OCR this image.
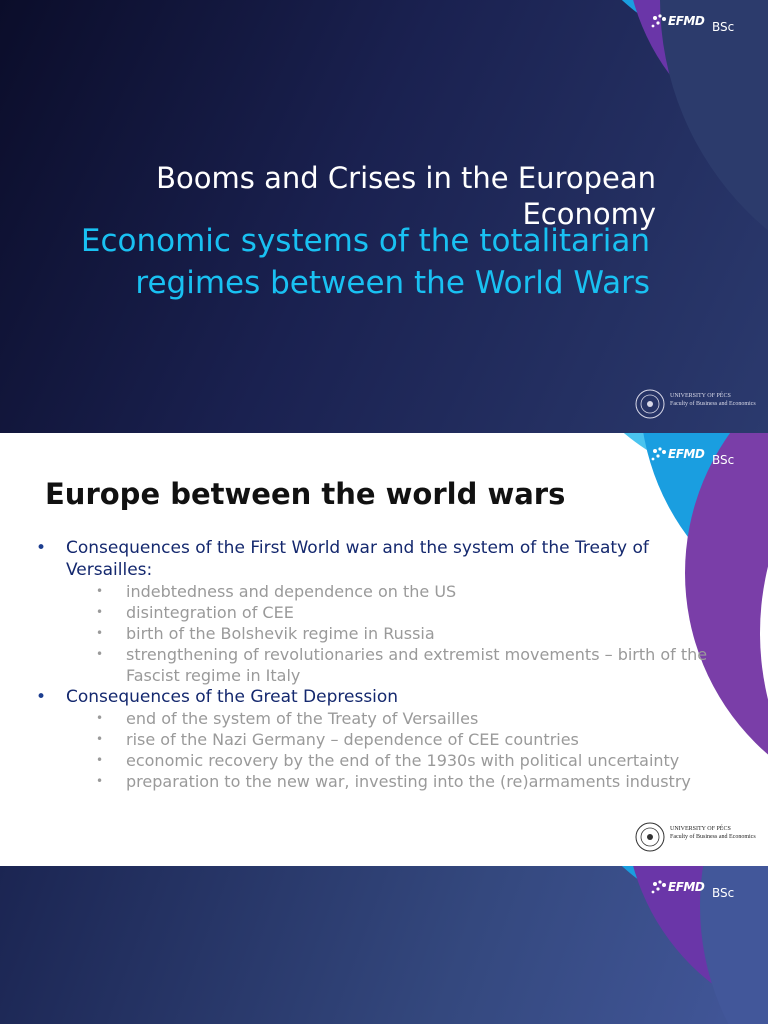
EFMD BSc
Booms and Crises in the European Economy
Economic systems of the totalitarian regimes between the World Wars
UNIVERSITY OF PÉCS
Faculty of Business and Economics
EFMD BSc
Europe between the world wars
• Consequences of the First World war and the system of the Treaty of Versailles:
• indebtedness and dependence on the US
• disintegration of CEE
• birth of the Bolshevik regime in Russia
• strengthening of revolutionaries and extremist movements – birth of the Fascist regime in Italy
• Consequences of the Great Depression
• end of the system of the Treaty of Versailles
• rise of the Nazi Germany – dependence of CEE countries
• economic recovery by the end of the 1930s with political uncertainty
• preparation to the new war, investing into the (re)armaments industry
UNIVERSITY OF PÉCS
Faculty of Business and Economics
EFMD BSc
